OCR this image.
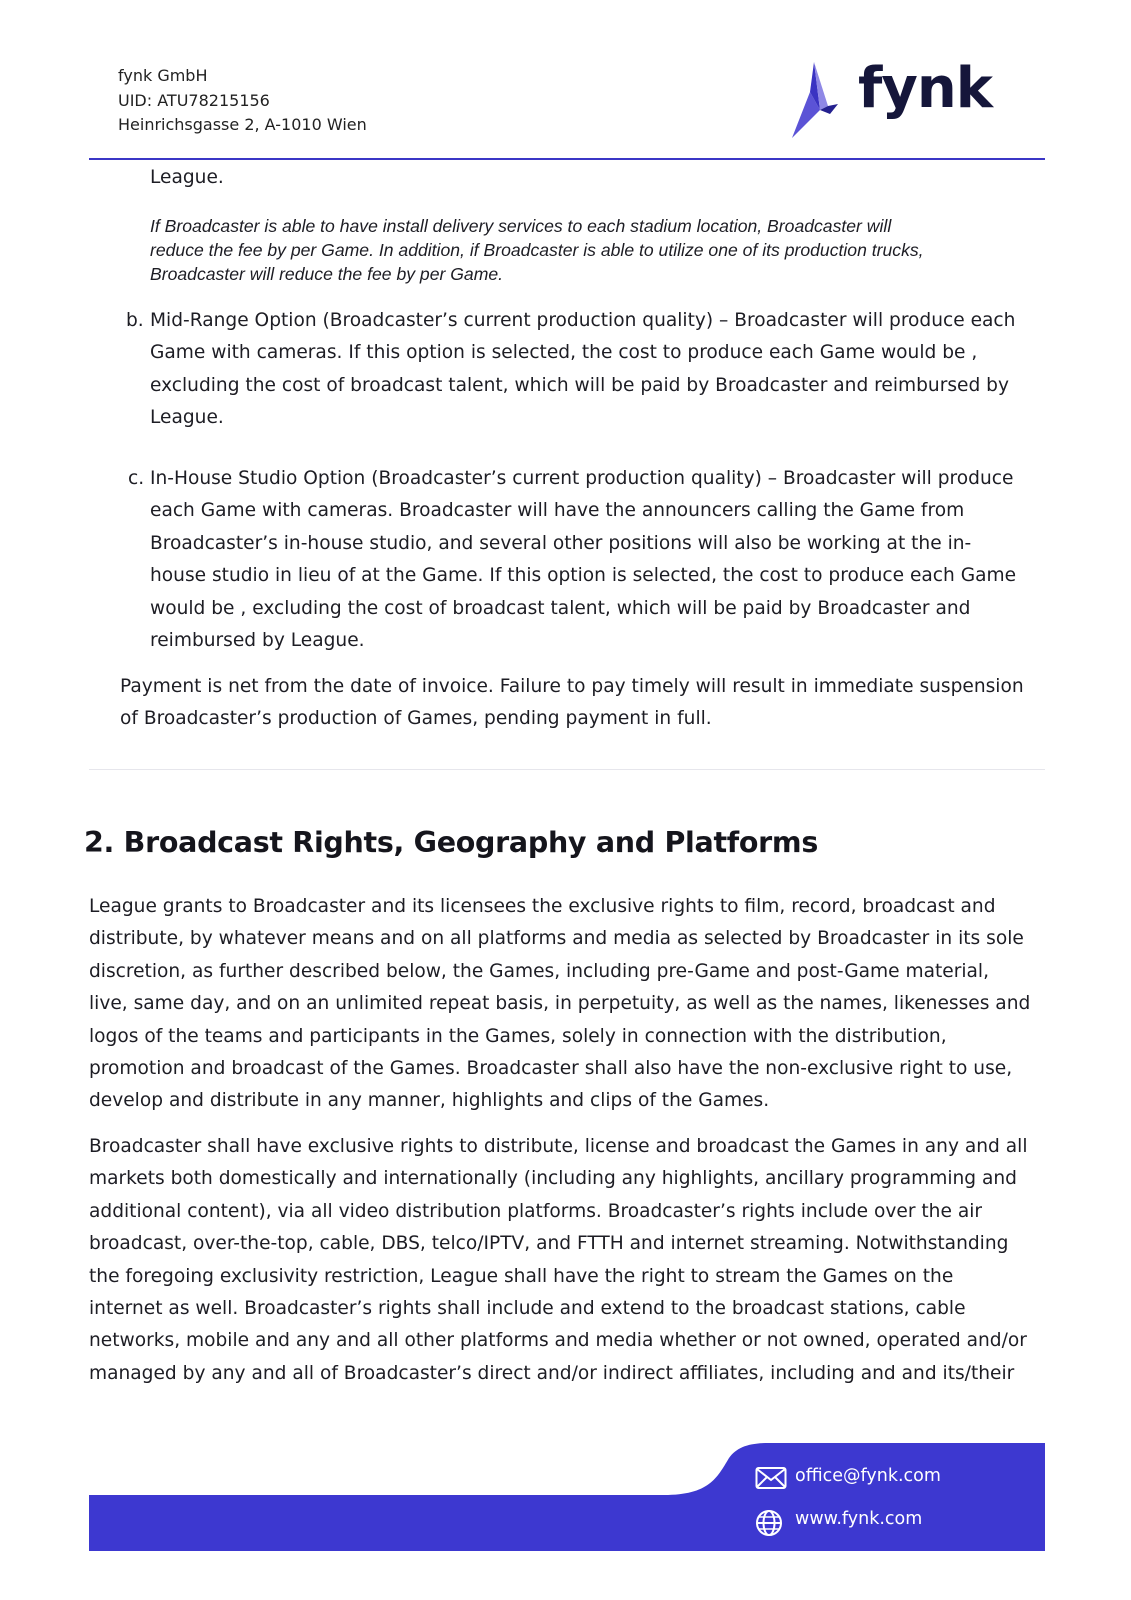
fynk GmbH
UID: ATU78215156
Heinrichsgasse 2, A-1010 Wien
fynk
League.
If Broadcaster is able to have install delivery services to each stadium location, Broadcaster will
reduce the fee by per Game. In addition, if Broadcaster is able to utilize one of its production trucks,
Broadcaster will reduce the fee by per Game.
b. Mid-Range Option (Broadcaster’s current production quality) – Broadcaster will produce each
Game with cameras. If this option is selected, the cost to produce each Game would be ,
excluding the cost of broadcast talent, which will be paid by Broadcaster and reimbursed by
League.
c. In-House Studio Option (Broadcaster’s current production quality) – Broadcaster will produce
each Game with cameras. Broadcaster will have the announcers calling the Game from
Broadcaster’s in-house studio, and several other positions will also be working at the in-
house studio in lieu of at the Game. If this option is selected, the cost to produce each Game
would be , excluding the cost of broadcast talent, which will be paid by Broadcaster and
reimbursed by League.
Payment is net from the date of invoice. Failure to pay timely will result in immediate suspension
of Broadcaster’s production of Games, pending payment in full.
2. Broadcast Rights, Geography and Platforms
League grants to Broadcaster and its licensees the exclusive rights to film, record, broadcast and
distribute, by whatever means and on all platforms and media as selected by Broadcaster in its sole
discretion, as further described below, the Games, including pre-Game and post-Game material,
live, same day, and on an unlimited repeat basis, in perpetuity, as well as the names, likenesses and
logos of the teams and participants in the Games, solely in connection with the distribution,
promotion and broadcast of the Games. Broadcaster shall also have the non-exclusive right to use,
develop and distribute in any manner, highlights and clips of the Games.
Broadcaster shall have exclusive rights to distribute, license and broadcast the Games in any and all
markets both domestically and internationally (including any highlights, ancillary programming and
additional content), via all video distribution platforms. Broadcaster’s rights include over the air
broadcast, over-the-top, cable, DBS, telco/IPTV, and FTTH and internet streaming. Notwithstanding
the foregoing exclusivity restriction, League shall have the right to stream the Games on the
internet as well. Broadcaster’s rights shall include and extend to the broadcast stations, cable
networks, mobile and any and all other platforms and media whether or not owned, operated and/or
managed by any and all of Broadcaster’s direct and/or indirect affiliates, including and and its/their
office@fynk.com
www.fynk.com
